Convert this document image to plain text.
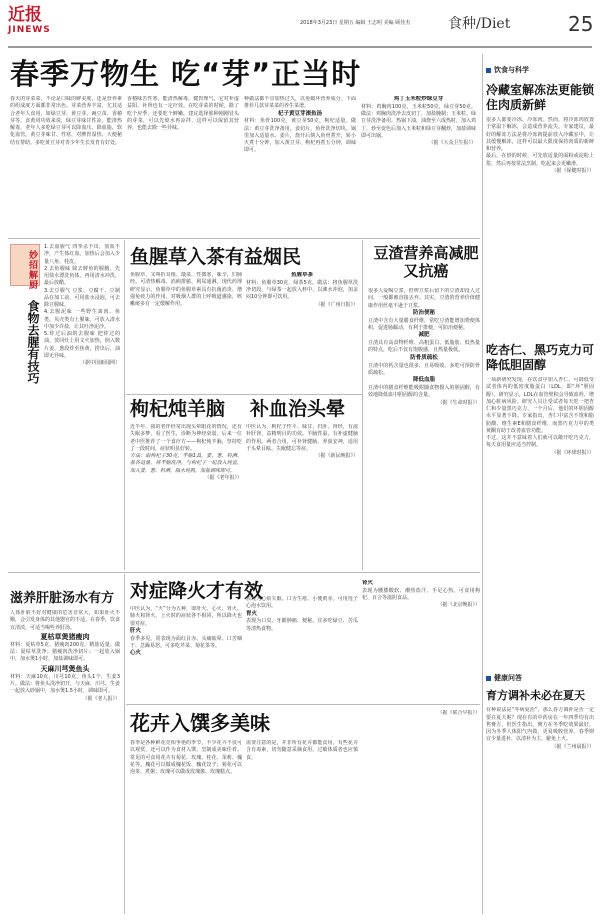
近报
JINEWS
2018年3月23日 星期五 编辑 王志明 美编 顾佳杰	食种/Diet	25
春季万物生 吃“芽”正当时

春天的芽菜菜，不论是口味的鲜美度，还是营养素的组成度方面都非常出色。芽菜营养丰富，尤其适合老年人食用，如绿豆芽、黄豆芽、豌豆苗、香椿芽等。食黄用功效来说，绿豆芽味甘性凉，能清热解毒，老年人多吃绿豆芽可以降血压、降血脂、软化血管。黄豆芽味甘、性寒，对脾胃湿热、大便秘结有帮助。多吃黄豆芽对青少年生长发育有好处。

香椿味苦性寒，能清热解毒，健胃理气，它对补虚益阳、补肾也有一定疗效。在吃芽菜的时候，除了吃个应季，还要吃个鲜嫩。建议选择那种刚刚冒头的芽菜，可以先焯水再凉拌，这样可以保留其营养，也能去除一些异味。

种做法都不宜加热过久，以免破坏营养成分。下面推荐几款芽菜菜的养生菜谱。

杞子黄豆芽滚鱼汤

材料：鱼骨100克，黄豆芽50克，枸杞适量。做法：黄豆芽洗净备用，姜切片，鱼骨洗净切块。锅里加入适量水、姜片，烧开后倒入鱼骨煮开，转小火煮十分钟，加入黄豆芽、枸杞再煮五分钟，调味即可。

鸡丁玉米粒炒绿豆芽

材料：鸡胸肉100克，玉米粒50克，绿豆芽50克。做法：鸡胸肉洗净去皮切丁，加盐腌制；玉米粒、绿豆芽洗净备用。热锅下油，油烧至六成热时，加入鸡丁，炒至变色后加入玉米粒和绿豆芽翻炒，加盐调味即可出锅。

（据《大众卫生报》）

妙招解厨
食物去腥有技巧

1.去血腥气 四季杀不出，放血不净，产生体红血。加热后会加入少量八角、桂皮。

2.去鱼腥味 除去鲜鱼的腥膻，先用盐水漂洗鱼体，再用清水冲洗，最后放醋。

3.去豆腥气 豆浆、豆腐干、豆制品在加工前，可用盐水浸泡，可去除豆腥味。

4.去腥泥味 一些野生禽肉、鱼类、贝壳类有土腥味，可放入清水中加少许盐，让其吐净泥沙。

5.炸过后油的去腥味 把炸过的油，放回灶上用文火加热，倒入数片姜、葱段炸至焦黄，捞出后，油即无异味。

（据中国新闻网）

鱼腥草入茶有益烟民

鱼腥草，又叫折耳根、蕺菜，性微寒，味辛，归肺经。可清热解毒、消痈排脓、利尿通淋。现代药理研究显示，鱼腥草中的鱼腥草素具有抗菌消炎、增强免疫力的作用，对吸烟人群的上呼吸道感染、咳嗽痰多有一定缓解作用。

鱼腥草茶

材料：鱼腥草30克，绿茶5克。做法：将鱼腥草洗净切段，与绿茶一起放入杯中，以沸水冲泡，加盖闷10分钟即可饮用。

（据《广州日报》）

豆渣营养高减肥又抗癌

很多人爱喝豆浆，但榨豆浆后留下的豆渣却没人过问，一般都被直接丢弃。其实，豆渣的营养价值健康作用丝毫不逊于豆浆。

防治便秘

豆渣中含有大量膳食纤维，常吃豆渣能增加粪便体积，促进肠蠕动，有利于排便，可防治便秘。

减肥

豆渣具有高食物纤维、高粗蛋白、低脂肪、低热量的特点，吃后不仅有饱腹感，且热量极低。

防骨质疏松

豆渣中的钙含量也很多，且易吸收，多吃可预防骨质疏松。

降低血脂

豆渣中的膳食纤维能吸附随食物摄入的胆固醇，有效地降低血中胆固醇的含量。

（据《生命时报》）

枸杞炖羊脑

近半年，我的老伴经常出现头晕眼花的情况，还有失眠多梦，看了医生，诊断为神经衰弱。后来一位老中医推荐了一个食疗方——枸杞炖羊脑，坚持吃了一段时间，症状明显好转。

方法：取枸杞子30克，羊脑1具，姜、葱、料酒、盐各适量。将羊脑洗净，与枸杞子一起放入炖盅，加入姜、葱、料酒，隔水炖熟，加盐调味即可。

（据《老年报》）

补血治头晕

中医认为，枸杞子性平、味甘，归肝、肾经，有滋补肝肾、益精明目的功效。羊脑性温，有补虚健脑的作用。两者合用，可补肾健脑、养血安神，适用于头晕目眩、失眠健忘等症。

（据《新民晚报》）

滋养肝脏汤水有方

人体肝脏不好对健康的危害非常大，如果肝火不顺，会引发身体的其他器官的不适。在春季，饮食宜清淡，可适当喝些养肝汤。

夏枯草煲猪瘦肉

材料：夏枯草5克、猪瘦肉200克、精盐适量。做法：夏枯草洗净；猪瘦肉洗净切片；一起放入锅中，加水煲1小时，加盐调味即可。

天麻川芎煲鱼头

材料：天麻10克，川芎10克，鱼头1个，生姜3片。做法：将鱼头洗净切开，与天麻、川芎、生姜一起放入砂锅中，加水煲1.5小时，调味即可。

（据《老人报》）

对症降火才有效

中医认为，“火”分为五种，即肝火、心火、胃火、肺火和肾火。上火时的症状各不相同，所以降火也要对症。

肝火

春季多见，常表现为面红目赤、头痛眩晕、口苦咽干、急躁易怒。可多吃芹菜、菊花茶等。

心火

表现为心烦失眠、口舌生疮、小便黄赤。可用莲子心泡水饮用。

胃火

表现为口臭、牙龈肿痛、便秘。宜多吃绿豆、苦瓜等清热食物。

肾火

表现为腰膝酸软、潮热盗汗、手足心热。可食用枸杞、百合等滋阴食品。

（据《北京晚报》）

花卉入馔多美味

春季是各种鲜花竞相争艳的季节，不少花卉不仅可以观赏，还可以作为食材入馔，烹制成美味佳肴。常见的可食用花卉有菊花、玫瑰、桂花、茉莉、槐花等。槐花可以做成槐花饭、槐花饺子；菊花可以泡茶、煮粥；玫瑰可以做成玫瑰酱、玫瑰糕点。

需要注意的是，并非所有花卉都能食用，有些花卉含有毒素，切勿随意采摘食用。过敏体质者也应慎食。

（据《联合早报》）

饮食与科学
冷藏室解冻法更能锁住肉质新鲜

很多人都要冷冻、冷冻肉。然而，将冷冻肉放置于常温下解冻，会造成营养流失。专家建议，最好的解冻方法是将冷冻肉提前放入冷藏室中，让其缓慢解冻，这样可以最大限度保持肉质的新鲜和营养。

最后，在炒的时候，可先放适量的面粉或淀粉上浆，然后再按常法烹制，吃起来会更嫩滑。

（据《保健时报》）

吃杏仁、黑巧克力可降低胆固醇

一项新研究发现，在饮食中加入杏仁、可降低受试者体内的低密度脂蛋白（LDL，即“坏”胆固醇）。研究显示，LDL在血管壁积会导致血栓，增加心脏病风险。研究人员让受试者每天吃一把杏仁和少量黑巧克力，一个月后，他们的坏胆固醇水平显著下降。专家指出，杏仁中富含不饱和脂肪酸、维生素E和膳食纤维，而黑巧克力中的类黄酮有助于改善血管功能。

不过，这并不意味着人们就可以敞开吃巧克力，每天食用量应适当控制。

（据《环球时报》）

健康问答
育方调补未必在夏天

有种说法是“冬病夏治”，那么春方调补是否一定要在夏天呢？现在有的中药房在一年四季均有出售膏方，但医生指出，膏方在冬季吃效果最好。因为冬季人体阳气内敛，更易吸收营养。春季则宜少量进补，以清补为主，避免上火。

（据《兰州晨报》）
